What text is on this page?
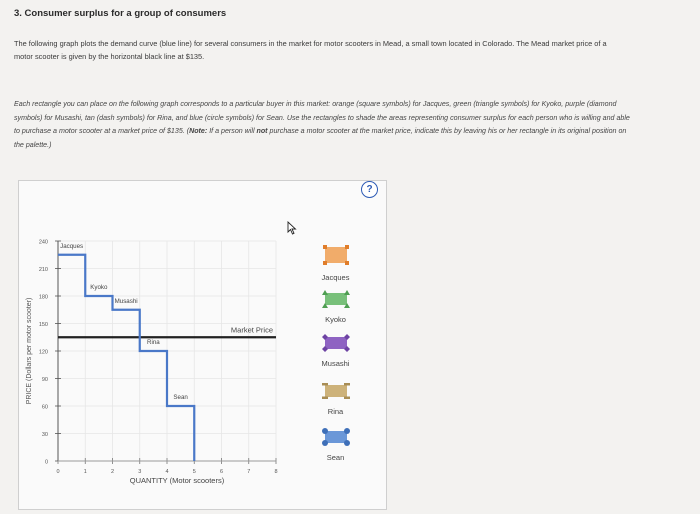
3. Consumer surplus for a group of consumers
The following graph plots the demand curve (blue line) for several consumers in the market for motor scooters in Mead, a small town located in Colorado. The Mead market price of a motor scooter is given by the horizontal black line at $135.
Each rectangle you can place on the following graph corresponds to a particular buyer in this market: orange (square symbols) for Jacques, green (triangle symbols) for Kyoko, purple (diamond symbols) for Musashi, tan (dash symbols) for Rina, and blue (circle symbols) for Sean. Use the rectangles to shade the areas representing consumer surplus for each person who is willing and able to purchase a motor scooter at a market price of $135. (Note: If a person will not purchase a motor scooter at the market price, indicate this by leaving his or her rectangle in its original position on the palette.)
?
0
30
60
90
120
150
180
210
240
0	1	2	3	4	5	6	7	8
PRICE (Dollars per motor scooter)
QUANTITY (Motor scooters)
Market Price
Jacques
Kyoko
Musashi
Rina
Sean
Jacques
Kyoko
Musashi
Rina
Sean
